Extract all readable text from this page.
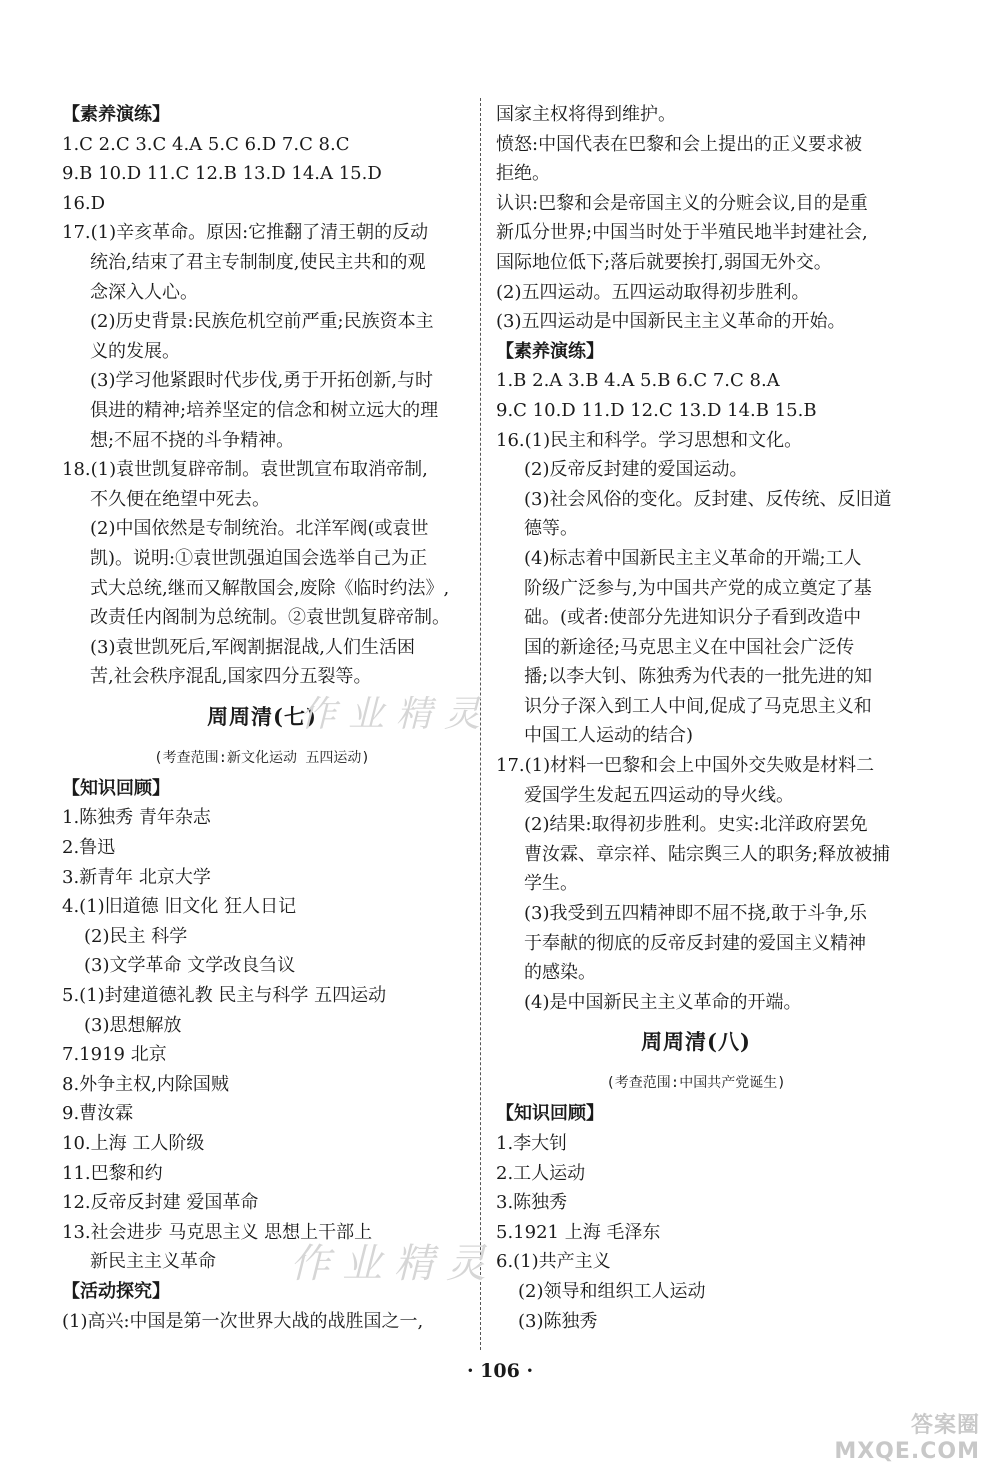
【素养演练】
1.C 2.C 3.C 4.A 5.C 6.D 7.C 8.C
9.B 10.D 11.C 12.B 13.D 14.A 15.D
16.D
17.(1)辛亥革命。原因:它推翻了清王朝的反动
统治,结束了君主专制制度,使民主共和的观
念深入人心。
(2)历史背景:民族危机空前严重;民族资本主
义的发展。
(3)学习他紧跟时代步伐,勇于开拓创新,与时
俱进的精神;培养坚定的信念和树立远大的理
想;不屈不挠的斗争精神。
18.(1)袁世凯复辟帝制。袁世凯宣布取消帝制,
不久便在绝望中死去。
(2)中国依然是专制统治。北洋军阀(或袁世
凯)。说明:①袁世凯强迫国会选举自己为正
式大总统,继而又解散国会,废除《临时约法》,
改责任内阁制为总统制。②袁世凯复辟帝制。
(3)袁世凯死后,军阀割据混战,人们生活困
苦,社会秩序混乱,国家四分五裂等。
周周清(七)
(考查范围:新文化运动 五四运动)
【知识回顾】
1.陈独秀 青年杂志
2.鲁迅
3.新青年 北京大学
4.(1)旧道德 旧文化 狂人日记
(2)民主 科学
(3)文学革命 文学改良刍议
5.(1)封建道德礼教 民主与科学 五四运动
(3)思想解放
7.1919 北京
8.外争主权,内除国贼
9.曹汝霖
10.上海 工人阶级
11.巴黎和约
12.反帝反封建 爱国革命
13.社会进步 马克思主义 思想上干部上
新民主主义革命
【活动探究】
(1)高兴:中国是第一次世界大战的战胜国之一,
国家主权将得到维护。
愤怒:中国代表在巴黎和会上提出的正义要求被
拒绝。
认识:巴黎和会是帝国主义的分赃会议,目的是重
新瓜分世界;中国当时处于半殖民地半封建社会,
国际地位低下;落后就要挨打,弱国无外交。
(2)五四运动。五四运动取得初步胜利。
(3)五四运动是中国新民主主义革命的开始。
【素养演练】
1.B 2.A 3.B 4.A 5.B 6.C 7.C 8.A
9.C 10.D 11.D 12.C 13.D 14.B 15.B
16.(1)民主和科学。学习思想和文化。
(2)反帝反封建的爱国运动。
(3)社会风俗的变化。反封建、反传统、反旧道
德等。
(4)标志着中国新民主主义革命的开端;工人
阶级广泛参与,为中国共产党的成立奠定了基
础。(或者:使部分先进知识分子看到改造中
国的新途径;马克思主义在中国社会广泛传
播;以李大钊、陈独秀为代表的一批先进的知
识分子深入到工人中间,促成了马克思主义和
中国工人运动的结合)
17.(1)材料一巴黎和会上中国外交失败是材料二
爱国学生发起五四运动的导火线。
(2)结果:取得初步胜利。史实:北洋政府罢免
曹汝霖、章宗祥、陆宗舆三人的职务;释放被捕
学生。
(3)我受到五四精神即不屈不挠,敢于斗争,乐
于奉献的彻底的反帝反封建的爱国主义精神
的感染。
(4)是中国新民主主义革命的开端。
周周清(八)
(考查范围:中国共产党诞生)
【知识回顾】
1.李大钊
2.工人运动
3.陈独秀
5.1921 上海 毛泽东
6.(1)共产主义
(2)领导和组织工人运动
(3)陈独秀
作业精灵
作业精灵
· 106 ·
答案圈
MXQE.COM
